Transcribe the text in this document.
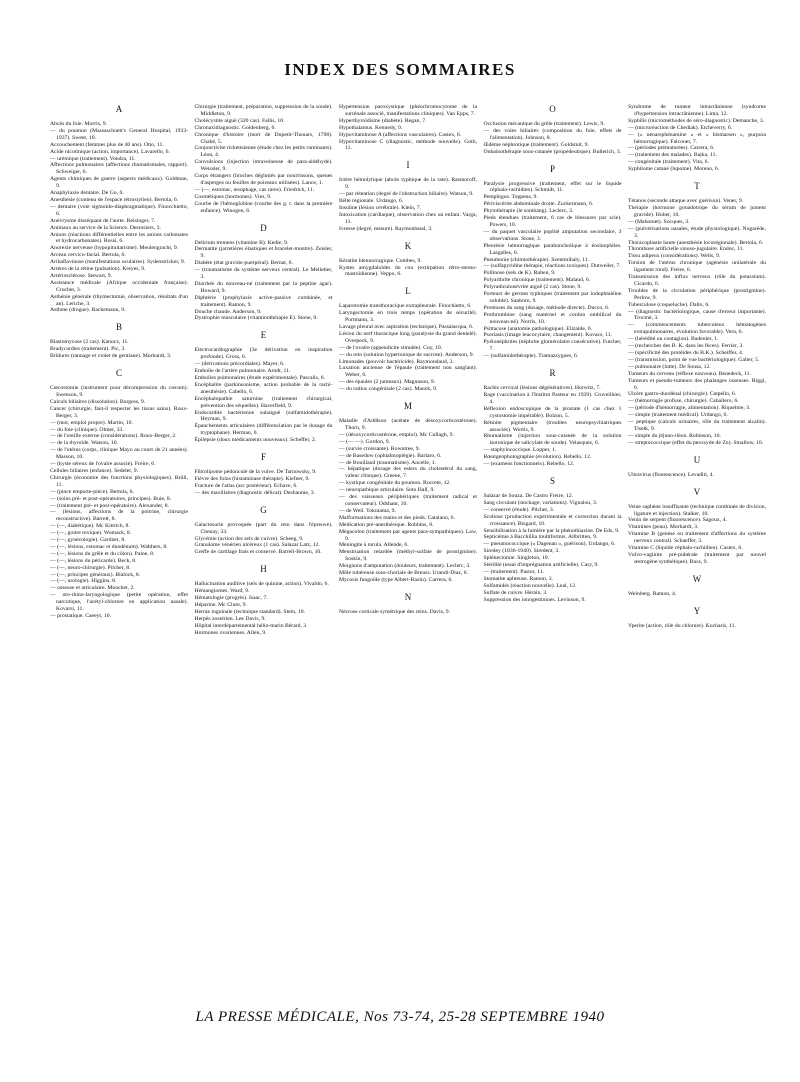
INDEX DES SOMMAIRES
A

Abcès du foie. Morris, 9.

— du poumon (Massaschuett's General Hospital, 1933-1937). Sweet, 10.

Accouchement (femmes plus de 40 ans). Otto, 11.

Acide nicotinique (action, importance). Lavarello, 6.

— urémique (traitement). Vondra, 11.

Affections pulmonaires (affections rhumatismales, rapport). Schweiger, 6.

Agents chimiques de guerre (aspects médicaux). Goldman, 9.

Anaphylaxie dentaire. De Go, 6.

Anesthésie (contenu de l'espace rétrostylien). Bertola, 6.

— dentaire (voie sigmoïdo-diaphragmatique). Finocchietto, 6.

Anévrysme disséquant de l'aorte. Reisinger, 7.

Animaux au service de la Science. Desrosiers, 3.

Anions (réactions différentielles entre les anions carbonates et hydrocarbonates). Rossi, 6.

Anorexie nerveuse (hypopituitarisme). Meulengracht, 9.

Arceau cervico-facial. Bertola, 6.

Aribaflavinose (manifestations oculaires). Sydenstricker, 9.

Artères de la rétine (pulsation). Kreyes, 9.

Artériosclérose. Stewart, 9.

Assistance médicale (Afrique occidentale française). Crucbet, 3.

Asthénie générale (thymectomie, observation, résultats d'un an). Leriche, 3.

Asthme (drogue). Backemann, 9.

B

Blastomycose (2 cas). Kanocz, 11.

Bradycardies (traitement). Pic, 3.

Brûlures (tannage et violet de gentiane). Morhardt, 3.

C

Cœcostomie (instrument pour décompression du cæcum). Swenson, 9.

Calculs biliaires (dissolution). Burgess, 9.

Cancer (chirurgie, faut-il respecter les tissus sains). Roux-Berger, 3.

— (mot, emploi propre). Martin, 10.

— du foie (clinique). Olmer, 33.

— de l'oreille externe (considérations). Roux-Berger, 2.

— de la thyroïde. Watson, 10.

— de l'utérus (corps, clinique Mayo au cours de 21 années). Masson, 10.

— (kyste séreux de l'ovaire associé). Freire, 6.

Cellules biliaires (enfance). Sedeler, 9.

Chirurgie (économie des fonctions physiologiques). Brüll, 11.

— (pince emporte-pièce). Bertola, 6.

— (soins pré- et post-opératoires, principes). Buie, 8.

— (traitement pré- et post-opératoire). Alexander, 8.

— (lésions, affections de la poitrine, chirurgie reconstructive). Barrett, 8.

— (—, diabétique). Mc Kittrich, 8.

— (—, goitre toxique). Womack, 8.

— (—, gynécologie). Gardner, 8.

— (—, lésions, estomac et duodénum). Walthers, 8.

— (—, lésions du grêle et du côlon). Paine, 8.

— (—, lésions du péricarde). Beck, 8.

— (—, neuro-chirurgie). Pilcher, 8.

— (—, principes généraux). Blalock, 8.

— (—, urologie). Higgins, 8.

— osseuse et articulaire. Mouchet, 2.

— oto-rhino-laryngologique (petite opération, effet narcotique, l'acétyl-chlorure en application nasale). Kovarsi, 11.

— prostatique. Caeeyt, 10.

Chirurgie (traitement, préparation, suppression de la sonde). Middleton, 9.

Cholécystite aiguë (320 cas). Fallis, 10.

Chronaxidiagnostic. Goldenberg, 6.

Chronique d'histoire (mort de Dupetit-Thouars, 1798). Chabé, 5.

Conjonctivite rickettsienne (étude chez les petits ruminants). Léon, 4.

Convulsions (injection intraveineuse de para-aldéhyde). Weissler, 9.

Corps étrangers (broches déglutiés par nourrissons, queues d'asperges ou feuilles de poireaux utilisées). Lance, 1.

— (—, estomac, œsophage, cas rares). Friedrich, 11.

Cosmétiques (hormones). Vies, 9.

Courbe de l'hémoglobine (courbe des g. r. dans la première enfance). Winogen, 6.

D

Delirium tremens (vitamine B). Kedie, 9.

Dermatite (jarretières élastiques et bracelet-montre). Zeisler, 9.

Diabète (état gravido-puerpéral). Bernat, 6.

— (traumatisme du système nerveux central). Le Melletier, 3.

Diarrhée du nouveau-né (traitement par la peptine agar). Howard, 9.

Diphtérie (prophylaxie active-passive combinée, et traitement). Ramon, 9.

Douche chaude. Anderson, 9.

Dystrophie musculaire (vitaminothérapie E). Stone, 9.

E

Electrocardiographie (3e dérivation en inspiration profonde). Gross, 6.

— (dérivations précordiales). Mayer, 6.

Embolie de l'artère pulmonaire. Arndt, 11.

Embolies pulmonaires (étude expérimentale). Pascalis, 6.

Encéphalite (parkinsonisme, action probable de la rachi-anesthésie). Cabello, 6.

Encéphalopathie saturnine (traitement chirurgical, prévention des séquelles). Haverfield, 9.

Endocardite bactérienne subaiguë (sulfamidothérapie). Heyman, 9.

Épanchements articulaires (différenciation par le dosage du tryptophane). Herman, 6.

Épilepsie (doux médicaments nouveaux). Scheffer, 2.

F

Fibrolipome pédonculé de la vulve. De Tarnowsky, 9.

Fièvre des foins (histaminase thérapie). Kiefner, 9.

Fracture de l'atlas (arc postérieur). Echave, 6.

— des maxillaires (diagnostic délicat). Deshaume, 3.

G

Galactosurie provoquée (part du rein dans l'épreuve). Chenay, 33.

Glycémie (action des sels de cuivre). Scheeg, 9.

Granulome vénérien ulcéreux (1 cas). Salazar Latz, 12.

Greffe de cartilage frais et conservé. Barrell-Brown, 10.

H

Hallucination auditive (sels de quinine, action). Vivaldo, 6.

Hémangiomes. Ward, 9.

Hématologie (progrès). Isaac, 7.

Héparine. Mc Clure, 9.

Hernie inguinale (technique standard). Stein, 10.

Herpès zostérien. Lee Davis, 9.

Hôpital interdépartemental hélio-marin Bérard, 3.

Hormones ovariennes. Allen, 9.

Hypertension paroxystique (phéochromocytome de la surrénale associé, manifestations cliniques). Van Epps, 7.

Hyperthyroïdisme (diabète). Regan, 7.

Hypothalamus. Kennedy, 9.

Hypovitaminose A (affections vasculaires). Castex, 6.

Hypovitaminose C (diagnostic, méthode nouvelle). Goth, 11.

I

Ictère hémolytique (abcès typhique de la rate). Rasmoroff, 9.

— par rétention (degré de l'obstruction biliaire). Watson, 9.

Iléite régionale. Urdango, 6.

Insuline (lésion cérébrale). Klein, 7.

Intoxication (cardiaque), observation chez un enfant. Varga, 11.

Ivresse (degré, mesure). Raymonbaud, 3.

K

Kératite blennorragique. Combes, 9.

Kystes amygdaloïdes du cou (extirpation rétro-sterno-mastoïdienne). Veppo, 6.

L

Laparotomie transthoracique extrapleurale. Finochietto, 6.

Laryngectomie en trois temps (opération de sécurité). Portmann, 3.

Lavage pleural avec aspiration (technique). Passalacqua, 6.

Lésion du nerf thoracique long (paralysie du grand dentelé). Overpeck, 9.

— de l'ovaire (appendicite simulée). Cuy, 10.

— du rein (solution hypertonique de sucrose). Anderson, 9.

Limonades (pouvoir bactéricide). Raymondaud, 3.

Luxation ancienne de l'épaule (traitement non sanglant). Weber, 6.

— des épaules (2 jumeaux). Magnuson, 9.

— du radius congénitale (2 cas). Mauck, 9.

M

Maladie d'Addison (acétate de désoxycorticostérone). Thorn, 9.

— (désoxycorticostérone, emploi). Mc Cullagh, 9.

— (— —). Gordon, 9.

— (survie croissante). Rowntree, 9.

— de Basedow (ophtalmoplégie). Barlaro, 6.

— de Bouillaud (traumatisme). Ancelle, 1.

— hépatique (dosage des esters du cholestérol du sang, valeur clinique). Greene, 7.

— kystique congénitale du poumon. Rocrete, 12.

— neuropathique articulaire. Soto Hall, 9.

— des vaisseaux périphériques (traitement radical et conservateur). Odshanr, 10.

— de Weil. Tokutama, 9.

Malformations des mains et des pieds. Catalano, 6.

Médication pré-anesthésique. Robbins, 8.

Mégacolon (traitement par agents para-sympathiques). Law, 9.

Méningite à torula. Allende, 6.

Menstruation retardée (méthyl-sulfate de prostigmine). Soskin, 9.

Moignons d'amputation (douleurs, traitement). Leclerc, 3.

Môle tubéreuse sous-choriale de Breuss. Urandi-Diaz, 6.

Mycosis fungoïde (type Albert-Bazin). Carrera, 6.

N

Nécrose corticale symétrique des reins. Davis, 9.

O

Occlusion mécanique du grêle (traitement). Lewis, 9.

— des voies biliaires (composition du foie, effets de l'alimentation). Johnson, 8.

Œdème néphrotique (traitement). Goldsmit, 9.

Oubaïnothérapie sous-cutanée (propédeutique). Bullerich, 3.

P

Paralysie progressive (traitement, effet sur le liquide céphalo-rachidien). Schmidt, 11.

Pemphigus. Toppens, 9.

Périviscérite abdominale droite. Zuckermann, 6.

Phytothérapie (le sombang). Leclerc, 3.

Pieds étendues (traitement, 6 cas de blessures par scie). Powers, 10.

— du paquet vasculaire poplité amputation secondaire, 3 observations. Stone, 3.

Pleurésie hémorragique paraboncholique à éosinophiles. Lasgalles, 6.

Pneumonie (chimiothérapie). Szentmihaly, 11.

— (sulfapyridine thérapie, réactions toxiques). Dutweiler, 7.

Pollinose (sels de K). Ruben, 9.

Polyarthrite chronique (traitement). Malaud, 6.

Polyradiculonévrite aiguë (2 cas). Stone, 9.

Porteurs de germes typhiques (traitement par iodophtaléine soluble). Sanborn, 9.

Protéoses du sang (dosage, méthode directe). Ducco, 6.

Prothrombine (sang maternel et cordon ombilical du nouveau-né). Norris, 10.

Psittacose (anatomie pathologique). Elizalde, 6.

Psoriasis (image leucocytaire, changement). Kovacs, 11.

Pyélonéphrites (néphrite glomérulaire consécutive). Futcher, 7.

— (sulfamidothérapie). Tramazzygues, 6.

R

Rachis cervical (lésions dégénératives). Horwitz, 7.

Rage (vaccination à l'Institut Pasteur en 1939). Cruveilhier, 4.

Réflexion endoscopique de la prostate (1 cas chez 1 cystostomie impérable). Bolzon, 5.

Rétinite pigmentaire (troubles neuropsychiatriques associés). Wortis, 9.

Rhumatisme (injection sous-cutanée de la solution isotonique de salicylate de soude). Velasquez, 6.

— staphylococcique. Lopper, 1.

Rœntgenphotographie (évolution). Rebello, 12.

— (examens fonctionnels). Rebello, 12.

S

Salazar de Souza. De Castro Freire, 12.

Sang circulant (stockage, variations). Vignalou, 3.

— conservé (étude). Pilchet, 3.

Scoliose (production expérimentale et correction durant la croissance). Bisgard, 10.

Sensibilisation à la lumière par la phénothiazine. De Eds, 9.

Septicémie à Bacchillia multiformis. Allbritten, 9.

— pneumococcique (« Dagenan », guérison). Urdango, 6.

Siredey (1836-1940). Siredent, 3.

Splénectomie. Singleton, 10.

Stérilité (essai d'imprégnation artificielle). Cary, 9.

— (traitement). Pastor, 11.

Stomatite aphteuse. Ramon, 3.

Sulfamidés (réaction nouvelle). Leal, 12.

Sulfate de cuivre. Hérain, 3.

Suppression des ionogestinines. Levinson, 9.

Syndrome de tumeur intracrânienne (syndrome d'hypertension intracrânienne). Lima, 12.

Syphilis (microméthodes de séro-diagnostic). Demanche, 3.

— (microréaction de Chediak). Etcheverry, 6.

— (« néoarsphénamine » et « bismarsen », purpura hémorragique). Falconer, 7.

— (périodes prématurées). Carrera, 6.

— (traitement des malades). Bajka, 11.

— congénitale (traitement). Vita, 6.

Syphilome cutané (lupome). Moreno, 6.

T

Tétanos (seconde attaque avec guérison). Vener, 9.

Thérapie (hormone gonadotrope du sérum de jument gravide). Huber, 10.

— (Mahomet). Socques, 3.

— (pulvérisations nasales, étude physiologique). Nogaréde, 3.

Thoracoplastie haute (anesthésie locorégionale). Bertola, 6.

Thrombose artificielle sinuso-jugulaire. Endoc, 11.

Tissu adipeux (considérations). Wells, 9.

Torsion de l'utérus chronique (agénésie unilatérale du ligament rond). Freire, 6.

Transmission des influx nerveux (rôle du potassium). Cicardo, 6.

Troubles de la circulation périphérique (prostigmine). Perlow, 9.

Tuberculose (coqueluche). Dalto, 6.

— (diagnostic bactériologique, cause d'erreur importante). Trocmé, 3.

— (commencements tuberculeux hématogènes extrapulmonaires, évolution favorable). Vera, 6.

— (hérédité ou contagion). Badenier, 1.

— (recherches des B. K. dans les fèces). Ferrier, 3.

— (spécificité des protéides du B.K.). Scheiffer, 4.

— (transmission, point de vue bactériologique). Galter, 5.

— pulmonaire (lutte). De Sousa, 12.

Tumeurs du cerveau (réflexe nouveau). Benedeck, 11.

Tumeurs et pseudo-tumeurs des phalanges osseuses. Riggi, 6.

Ulcère gastro-duodénal (chirurgie). Cœpello, 6.

— (hémorragie profuse, chirurgie). Caballero, 6.

— (période d'hémorragie, alimentation). Riquelme, 3.

— simple (traitement médical). Urdango, 6.

— peptique (calculs urinaires, rôle du traitement alcalin). Tiselk, 9.

— simple du jéjuno-iléon. Robinson, 10.

— streptococcique (effet du peroxyde de Zn). Smallow, 10.

U

Ultravirus (fluorescence). Levaditi, 4.

V

Veine saphène insuffisante (technique combinée de division, ligature et injection). Stalker, 10.

Venin de serpent (fluorescence). Sagoux, 4.

Vitamines (peau). Morhardt, 3.

Vitamine B (genèse ou traitement d'affections du système nerveux central). Schaeffer, 3.

Vitamine C (liquide céphalo-rachidien). Castex, 6.

Vulvo-vaginite pré-pubérale (traitement par nouvel œstrogène synthétique). Russ, 9.

W

Weinberg. Ramon, 4.

Y

Yperite (action, rôle du chlorure). Kucharis, 11.

LA PRESSE MÉDICALE, Nos 73-74, 25-28 SEPTEMBRE 1940
